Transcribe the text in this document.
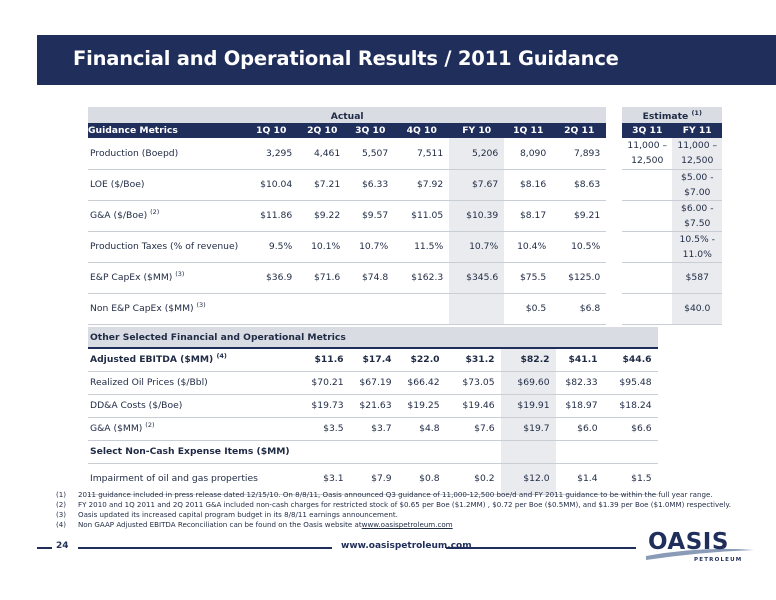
Financial and Operational Results / 2011 Guidance
Actual									Estimate $^{(1)}$
Guidance Metrics	1Q 10	2Q 10	3Q 10	4Q 10	FY 10	1Q 11	2Q 11		3Q 11	FY 11
Production (Boepd)	3,295	4,461	5,507	7,511	5,206	8,090	7,893		11,000 – 12,500	11,000 – 12,500
LOE ($/Boe)	$10.04	$7.21	$6.33	$7.92	$7.67	$8.16	$8.63			$5.00 - $7.00
G&A ($/Boe) $^{(2)}$	$11.86	$9.22	$9.57	$11.05	$10.39	$8.17	$9.21			$6.00 - $7.50
Production Taxes (% of revenue)	9.5%	10.1%	10.7%	11.5%	10.7%	10.4%	10.5%			10.5% - 11.0%
E&P CapEx ($MM) $^{(3)}$	$36.9	$71.6	$74.8	$162.3	$345.6	$75.5	$125.0			$587
Non E&P CapEx ($MM) $^{(3)}$						$0.5	$6.8			$40.0
Other Selected Financial and Operational Metrics							
Adjusted EBITDA ($MM) $^{(4)}$	$11.6	$17.4	$22.0	$31.2	$82.2	$41.1	$44.6
Realized Oil Prices ($/Bbl)	$70.21	$67.19	$66.42	$73.05	$69.60	$82.33	$95.48
DD&A Costs ($/Boe)	$19.73	$21.63	$19.25	$19.46	$19.91	$18.97	$18.24
G&A ($MM) $^{(2)}$	$3.5	$3.7	$4.8	$7.6	$19.7	$6.0	$6.6
Select Non-Cash Expense Items ($MM)							
Impairment of oil and gas properties	$3.1	$7.9	$0.8	$0.2	$12.0	$1.4	$1.5
(1)	2011 guidance included in press release dated 12/15/10. On 8/8/11, Oasis announced Q3 guidance of 11,000-12,500 boe/d and FY 2011 guidance to be within the full year range.
(2)	FY 2010 and 1Q 2011 and 2Q 2011 G&A included non-cash charges for restricted stock of $0.65 per Boe ($1.2MM) , $0.72 per Boe ($0.5MM), and $1.39 per Boe ($1.0MM) respectively.
(3)	Oasis updated its increased capital program budget in its 8/8/11 earnings announcement.
(4)	Non GAAP Adjusted EBITDA Reconciliation can be found on the Oasis website at www.oasispetroleum.com
24	www.oasispetroleum.com	OASIS
PETROLEUM
